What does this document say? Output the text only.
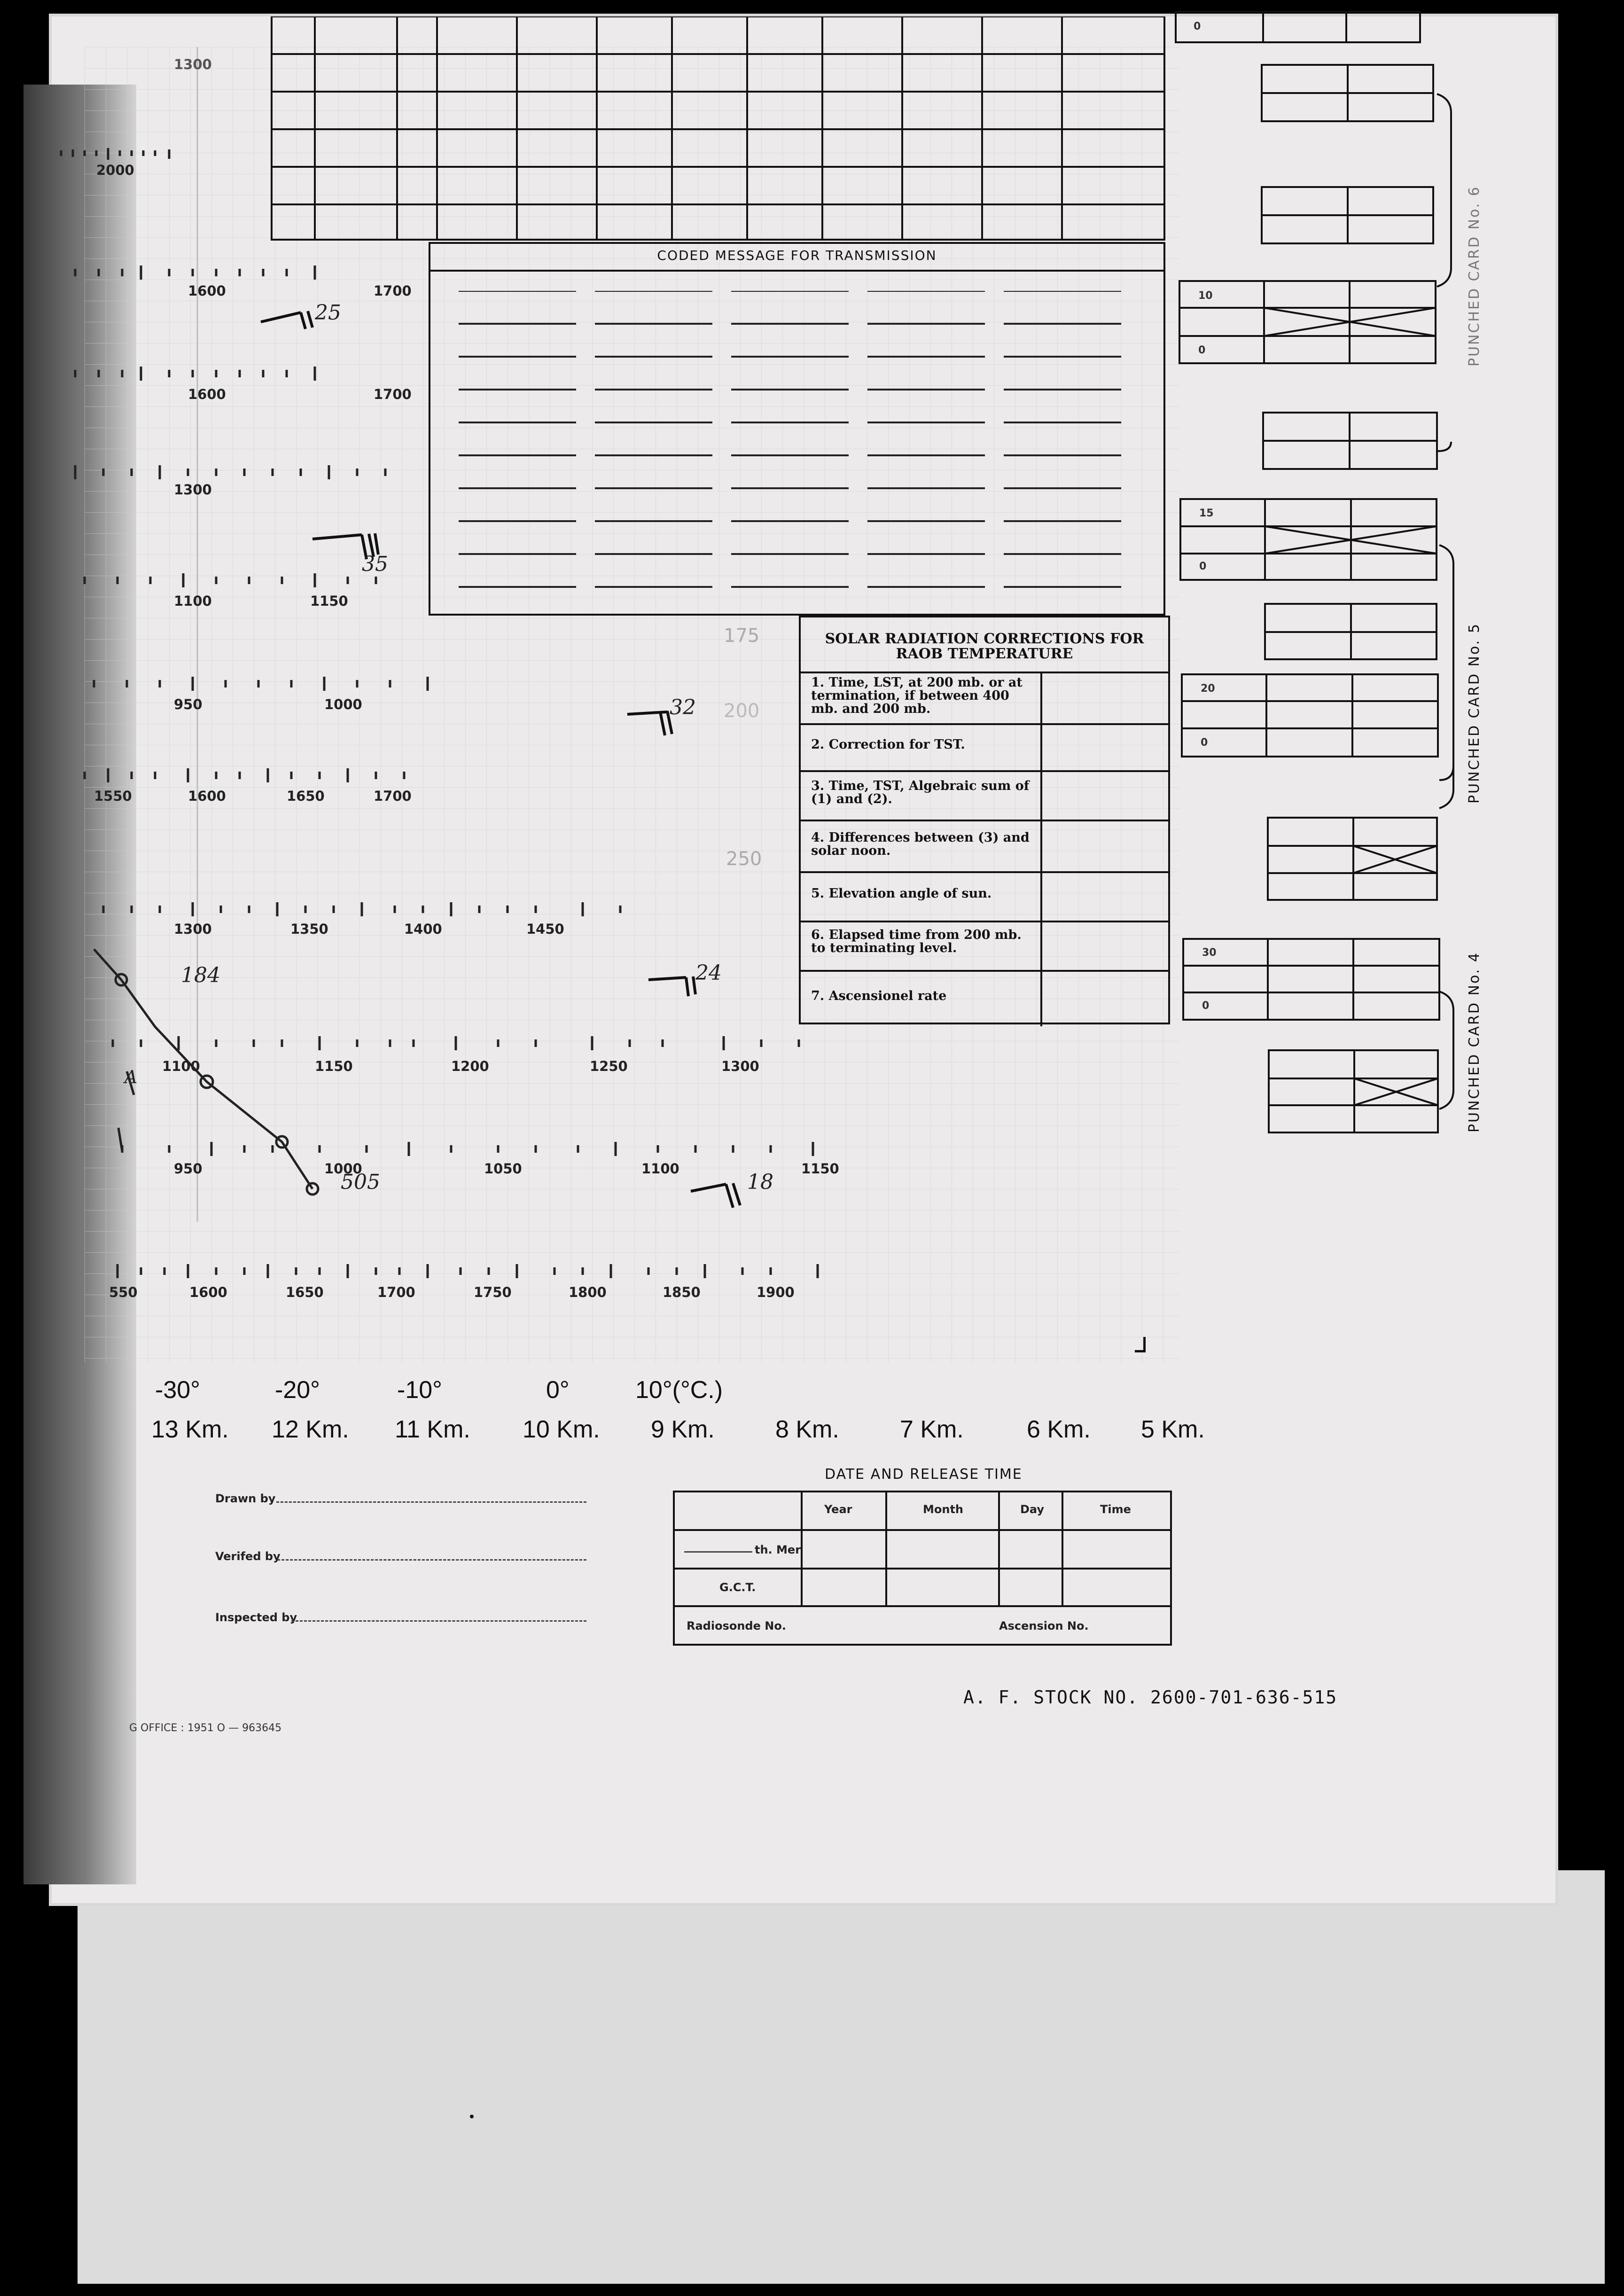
CODED MESSAGE FOR TRANSMISSION
SOLAR RADIATION CORRECTIONS FOR RAOB TEMPERATURE
1. Time, LST, at 200 mb. or at termination, if between 400 mb. and 200 mb.
2. Correction for TST.
3. Time, TST, Algebraic sum of (1) and (2).
4. Differences between (3) and solar noon.
5. Elevation angle of sun.
6. Elapsed time from 200 mb. to terminating level.
7. Ascensionel rate
0
10
0
15
0
20
0
30
0
PUNCHED CARD No. 6
PUNCHED CARD No. 5
PUNCHED CARD No. 4
2000
1300
1600	1700
1600	1700
1300
1100	1150
950	1000
1550	1600	1650	1700
1300	1350	1400	1450
1100	1150	1200	1250	1300
950	1000	1050	1100	1150
550	1600	1650	1700	1750	1800	1850	1900
175
200
250
25
35
32
24
18
184
505
A
-30°	-20°	-10°	0°	10°(°C.)
13 Km. 12 Km. 11 Km. 10 Km. 9 Km. 8 Km. 7 Km.	6 Km. 5 Km.
Drawn by
Verifed by
Inspected by
DATE AND RELEASE TIME
Year	Month	Day	Time
th. Mer
G.C.T.
Radiosonde No.	Ascension No.
A. F. STOCK NO. 2600-701-636-515
G OFFICE : 1951 O — 963645
